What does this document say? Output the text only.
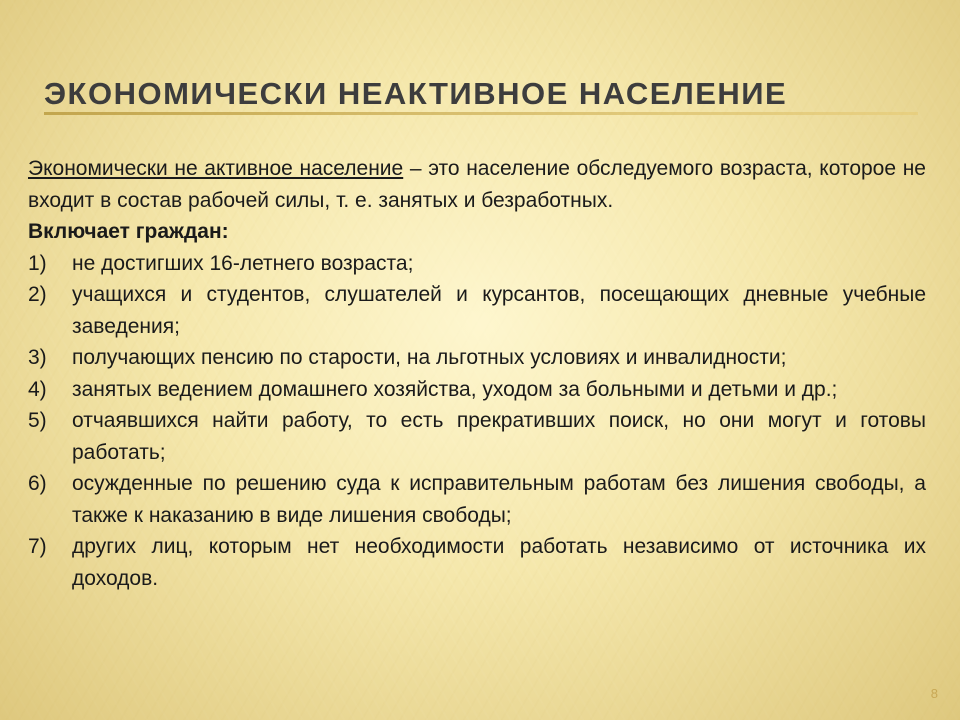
ЭКОНОМИЧЕСКИ НЕАКТИВНОЕ НАСЕЛЕНИЕ

Экономически не активное население – это население обследуемого возраста, которое не входит в состав рабочей силы, т. е. занятых и безработных.

Включает граждан:

1)	не достигших 16-летнего возраста;
2)	учащихся и студентов, слушателей и курсантов, посещающих дневные учебные заведения;
3)	получающих пенсию по старости, на льготных условиях и инвалидности;
4)	занятых ведением домашнего хозяйства, уходом за больными и детьми и др.;
5)	отчаявшихся найти работу, то есть прекративших поиск, но они могут и готовы работать;
6)	осужденные по решению суда к исправительным работам без лишения свободы, а также к наказанию в виде лишения свободы;
7)	других лиц, которым нет необходимости работать независимо от источника их доходов.
8
